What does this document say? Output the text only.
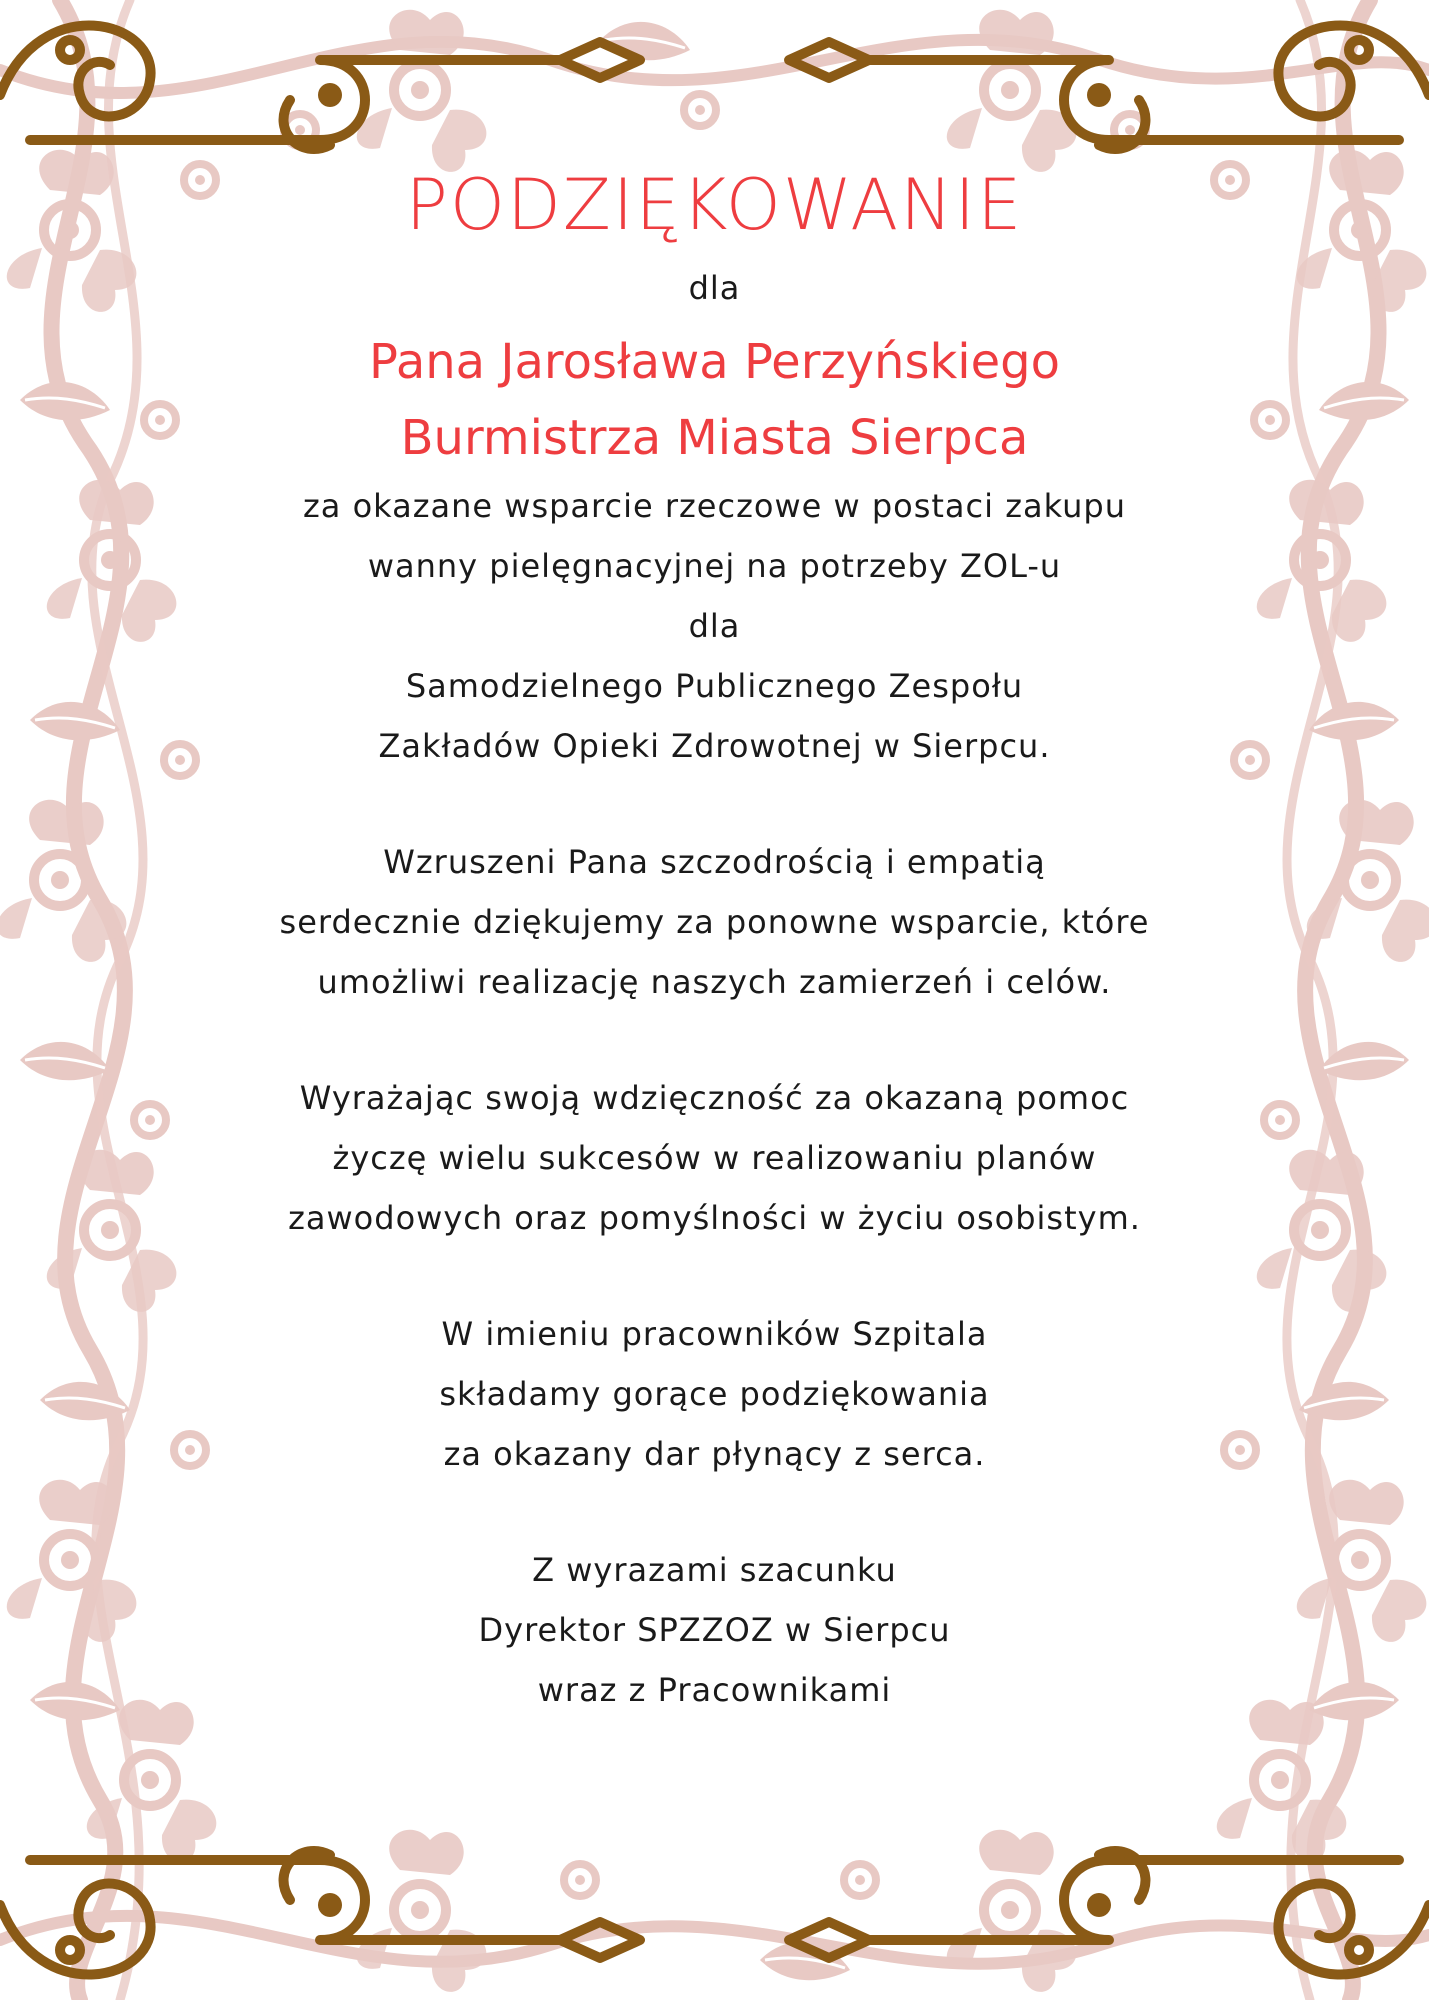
PODZIĘKOWANIE

dla

Pana Jarosława Perzyńskiego

Burmistrza Miasta Sierpca

za okazane wsparcie rzeczowe w postaci zakupu

wanny pielęgnacyjnej na potrzeby ZOL-u

dla

Samodzielnego Publicznego Zespołu

Zakładów Opieki Zdrowotnej w Sierpcu.

Wzruszeni Pana szczodrością i empatią

serdecznie dziękujemy za ponowne wsparcie, które

umożliwi realizację naszych zamierzeń i celów.

Wyrażając swoją wdzięczność za okazaną pomoc

życzę wielu sukcesów w realizowaniu planów

zawodowych oraz pomyślności w życiu osobistym.

W imieniu pracowników Szpitala

składamy gorące podziękowania

za okazany dar płynący z serca.

Z wyrazami szacunku

Dyrektor SPZZOZ w Sierpcu

wraz z Pracownikami
